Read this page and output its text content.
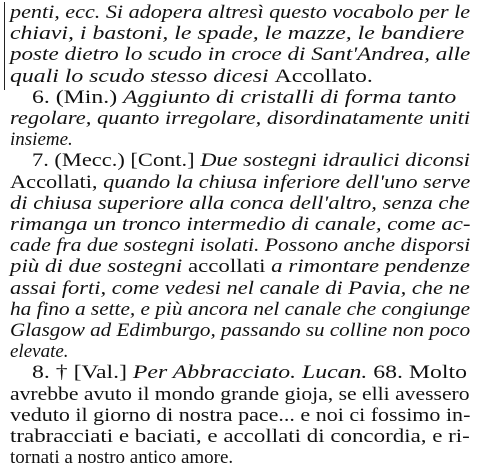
penti, ecc. Si adopera altresì questo vocabolo per le
chiavi, i bastoni, le spade, le mazze, le bandiere
poste dietro lo scudo in croce di Sant'Andrea, alle
quali lo scudo stesso dicesi Accollato.
6. (Min.) Aggiunto di cristalli di forma tanto
regolare, quanto irregolare, disordinatamente uniti
insieme.
7. (Mecc.) [Cont.] Due sostegni idraulici diconsi
Accollati, quando la chiusa inferiore dell'uno serve
di chiusa superiore alla conca dell'altro, senza che
rimanga un tronco intermedio di canale, come ac-
cade fra due sostegni isolati. Possono anche disporsi
più di due sostegni accollati a rimontare pendenze
assai forti, come vedesi nel canale di Pavia, che ne
ha fino a sette, e più ancora nel canale che congiunge
Glasgow ad Edimburgo, passando su colline non poco
elevate.
8. † [Val.] Per Abbracciato. Lucan. 68. Molto
avrebbe avuto il mondo grande gioja, se elli avessero
veduto il giorno di nostra pace... e noi ci fossimo in-
trabracciati e baciati, e accollati di concordia, e ri-
tornati a nostro antico amore.
